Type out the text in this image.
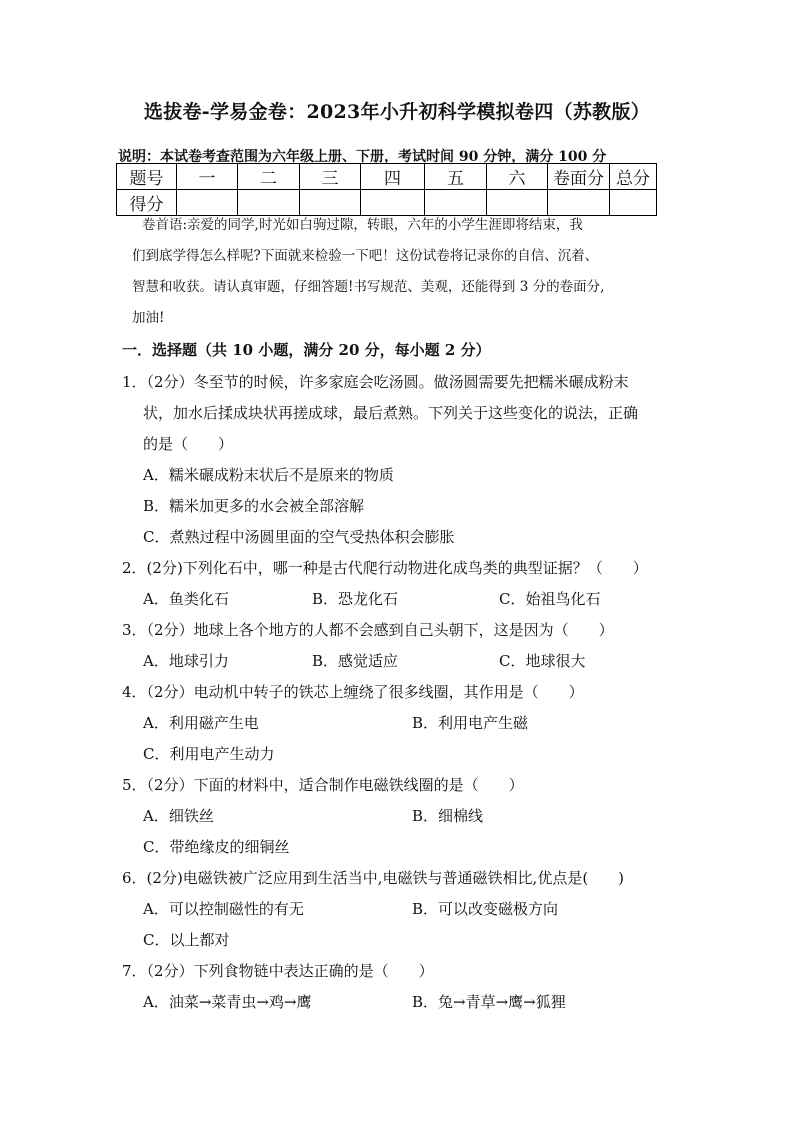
选拔卷-学易金卷：2023年小升初科学模拟卷四（苏教版）
说明：本试卷考查范围为六年级上册、下册，考试时间 90 分钟，满分 100 分
题号	一	二	三	四	五	六	卷面分	总分
得分								

卷首语:亲爱的同学,时光如白驹过隙，转眼，六年的小学生涯即将结束，我

们到底学得怎么样呢?下面就来检验一下吧！这份试卷将记录你的自信、沉着、

智慧和收获。请认真审题，仔细答题!书写规范、美观，还能得到 3 分的卷面分,

加油!

一．选择题（共 10 小题，满分 20 分，每小题 2 分）
1．（2分）冬至节的时候，许多家庭会吃汤圆。做汤圆需要先把糯米碾成粉末
状，加水后揉成块状再搓成球，最后煮熟。下列关于这些变化的说法，正确
的是（　　）
A．糯米碾成粉末状后不是原来的物质
B．糯米加更多的水会被全部溶解
C．煮熟过程中汤圆里面的空气受热体积会膨胀
2．(2分)下列化石中，哪一种是古代爬行动物进化成鸟类的典型证据？（　　）
A．鱼类化石	B．恐龙化石	C．始祖鸟化石
3．（2分）地球上各个地方的人都不会感到自己头朝下，这是因为（　　）
A．地球引力	B．感觉适应	C．地球很大
4．（2分）电动机中转子的铁芯上缠绕了很多线圈，其作用是（　　）
A．利用磁产生电	B．利用电产生磁
C．利用电产生动力
5．（2分）下面的材料中，适合制作电磁铁线圈的是（　　）
A．细铁丝	B．细棉线
C．带绝缘皮的细铜丝
6．(2分)电磁铁被广泛应用到生活当中,电磁铁与普通磁铁相比,优点是(　　)
A．可以控制磁性的有无	B．可以改变磁极方向
C．以上都对
7．（2分）下列食物链中表达正确的是（　　）
A．油菜→菜青虫→鸡→鹰	B．兔→青草→鹰→狐狸
